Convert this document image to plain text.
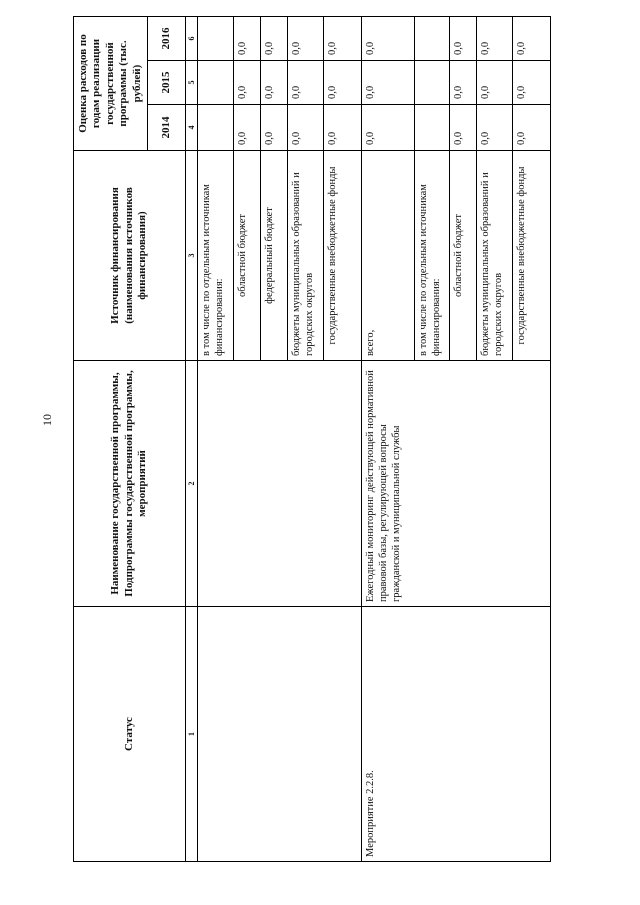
10
Статус	Наименование государственной программы, Подпрограммы государственной программы, мероприятий	Источник финансирования (наименования источников финансирования)	Оценка расходов по годам реализации государственной программы (тыс. рублей)		
			2014	2015	2016
1	2	3	4	5	6
		в том числе по отдельным источникам финансирования:			
		областной бюджет	0,0	0,0	0,0
		федеральный бюджет	0,0	0,0	0,0
		бюджеты муниципальных образований и городских округов	0,0	0,0	0,0
		государственные внебюджетные фонды	0,0	0,0	0,0
Мероприятие 2.2.8.	Ежегодный мониторинг действующей нормативной правовой базы, регулирующей вопросы гражданской и муниципальной службы	всего,	0,0	0,0	0,0
		в том числе по отдельным источникам финансирования:			
		областной бюджет	0,0	0,0	0,0
		бюджеты муниципальных образований и городских округов	0,0	0,0	0,0
		государственные внебюджетные фонды	0,0	0,0	0,0
